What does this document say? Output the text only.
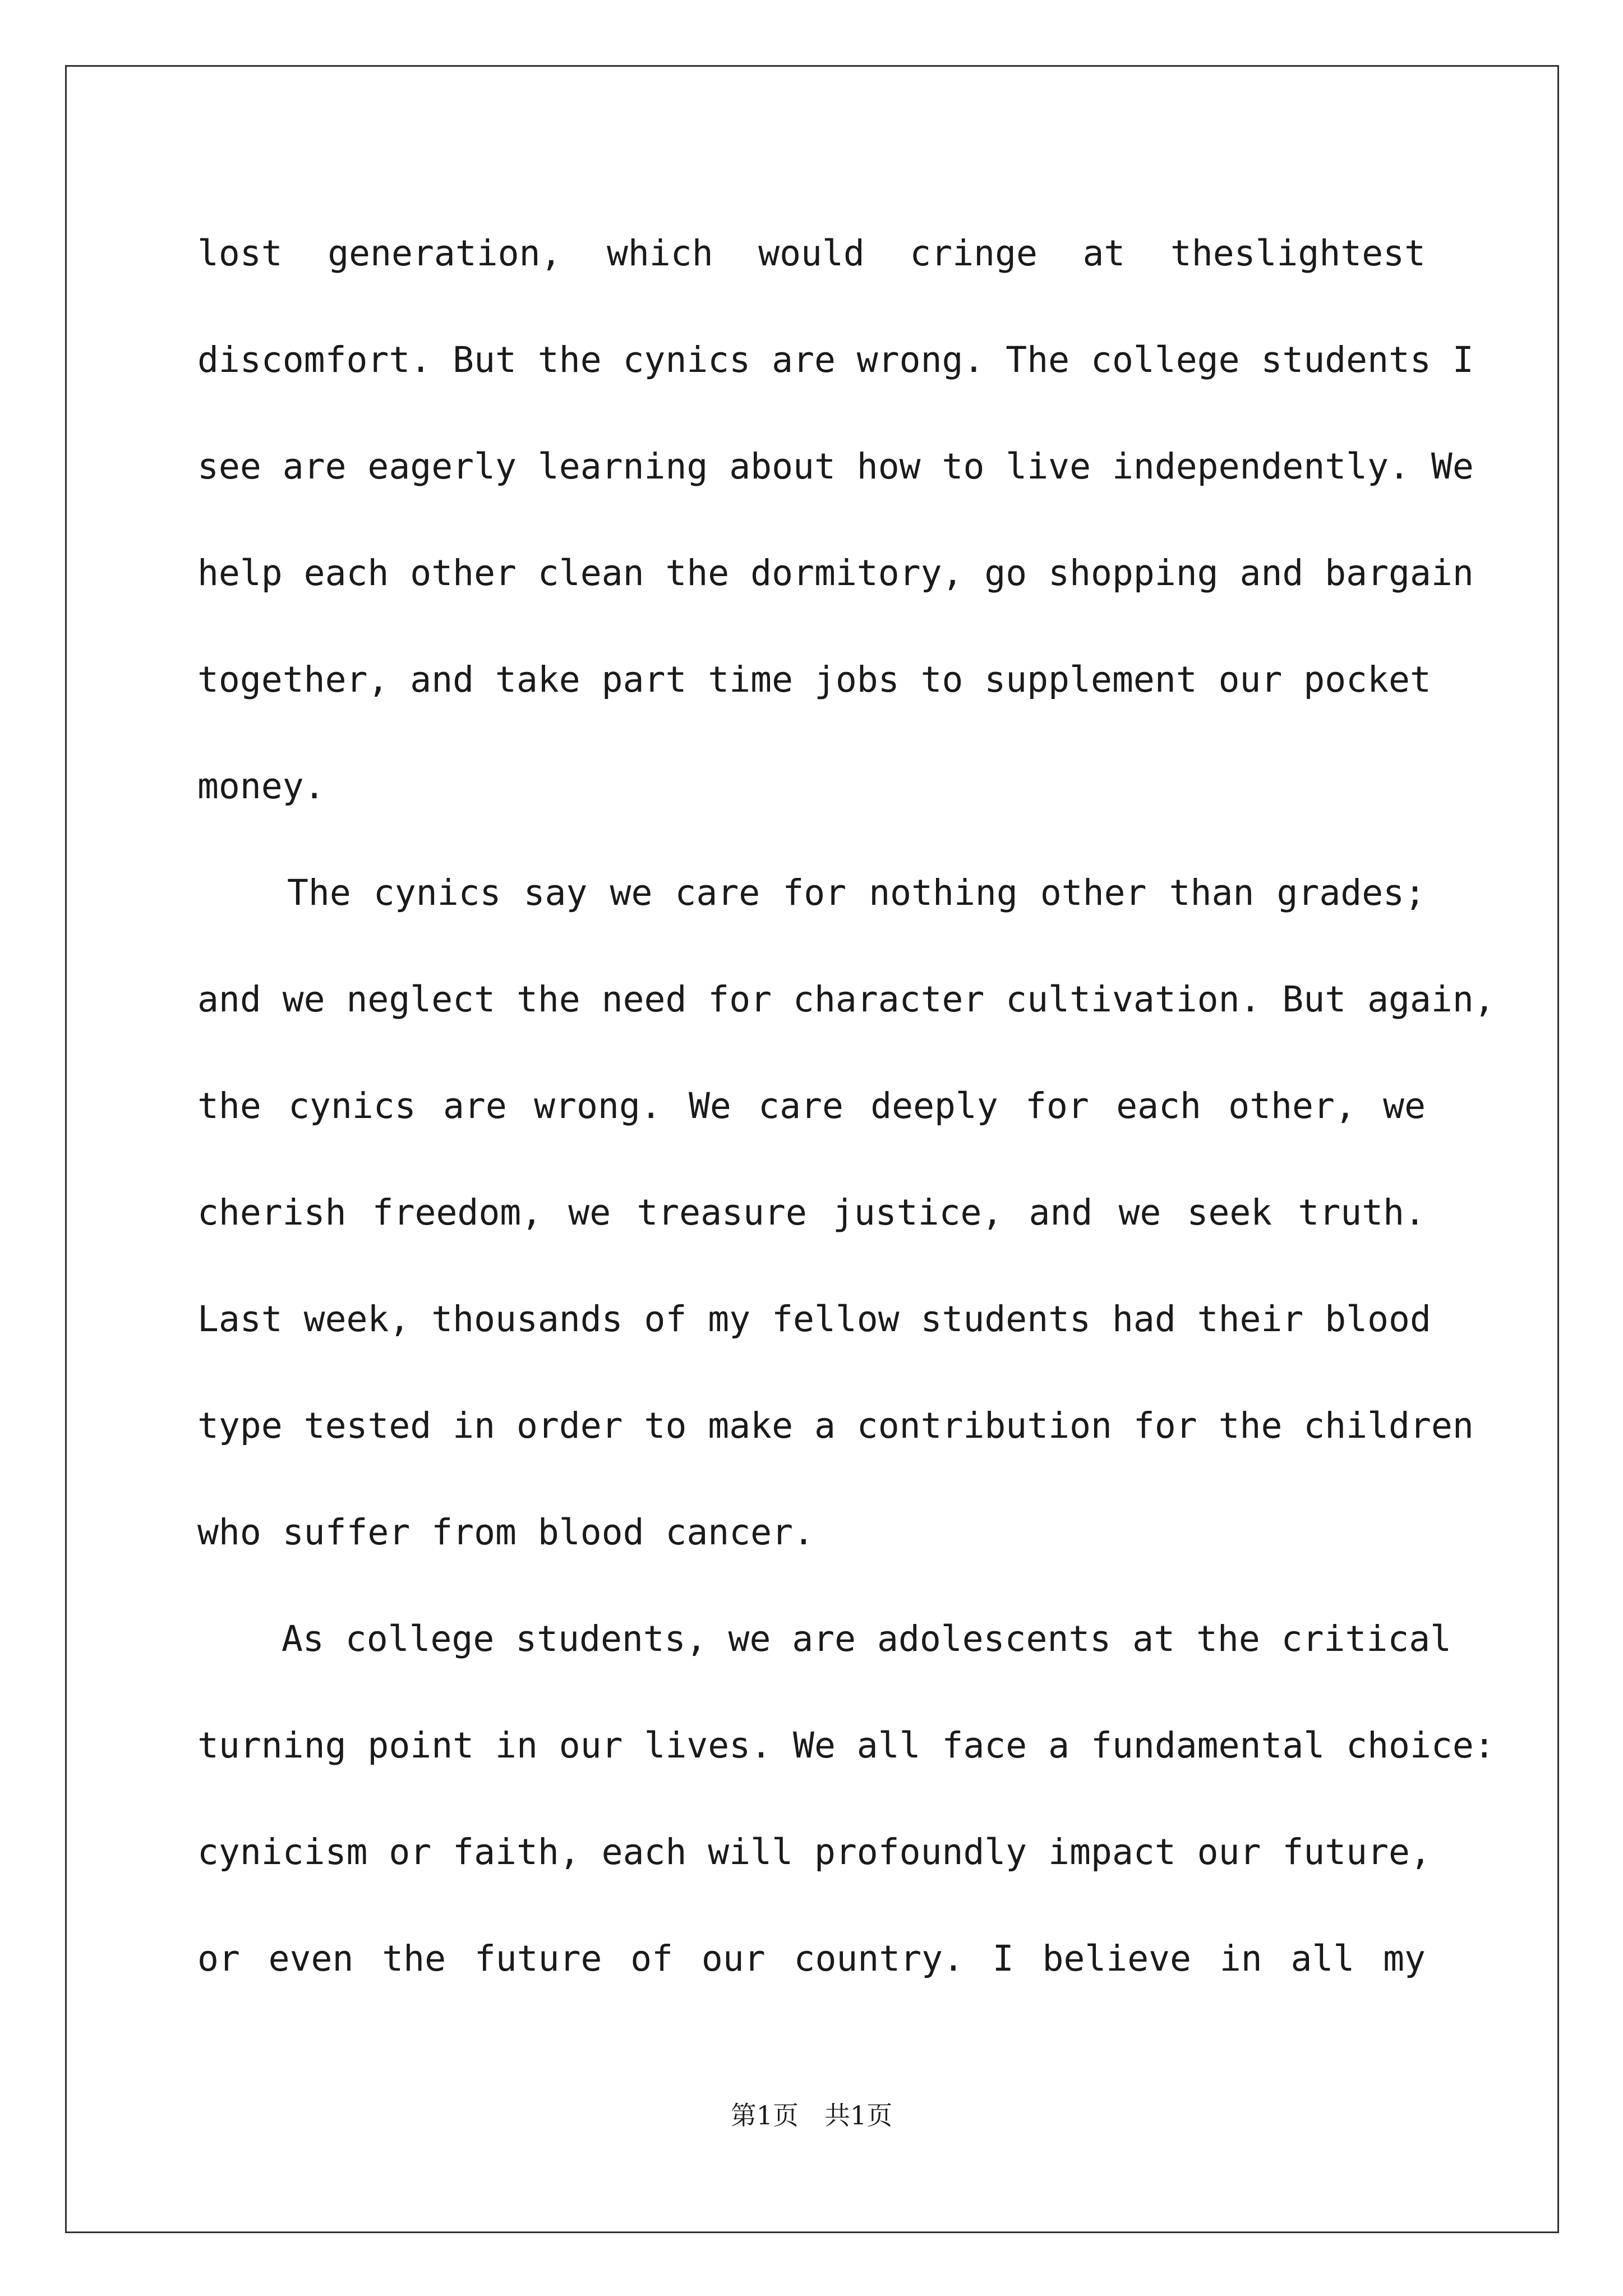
lost generation, which would cringe at theslightest
discomfort. But the cynics are wrong. The college students I
see are eagerly learning about how to live independently. We
help each other clean the dormitory, go shopping and bargain
together, and take part time jobs to supplement our pocket
money.
The cynics say we care for nothing other than grades;
and we neglect the need for character cultivation. But again,
the cynics are wrong. We care deeply for each other, we
cherish freedom, we treasure justice, and we seek truth.
Last week, thousands of my fellow students had their blood
type tested in order to make a contribution for the children
who suffer from blood cancer.
As college students, we are adolescents at the critical
turning point in our lives. We all face a fundamental choice:
cynicism or faith, each will profoundly impact our future,
or even the future of our country. I believe in all my
第1页　共1页
